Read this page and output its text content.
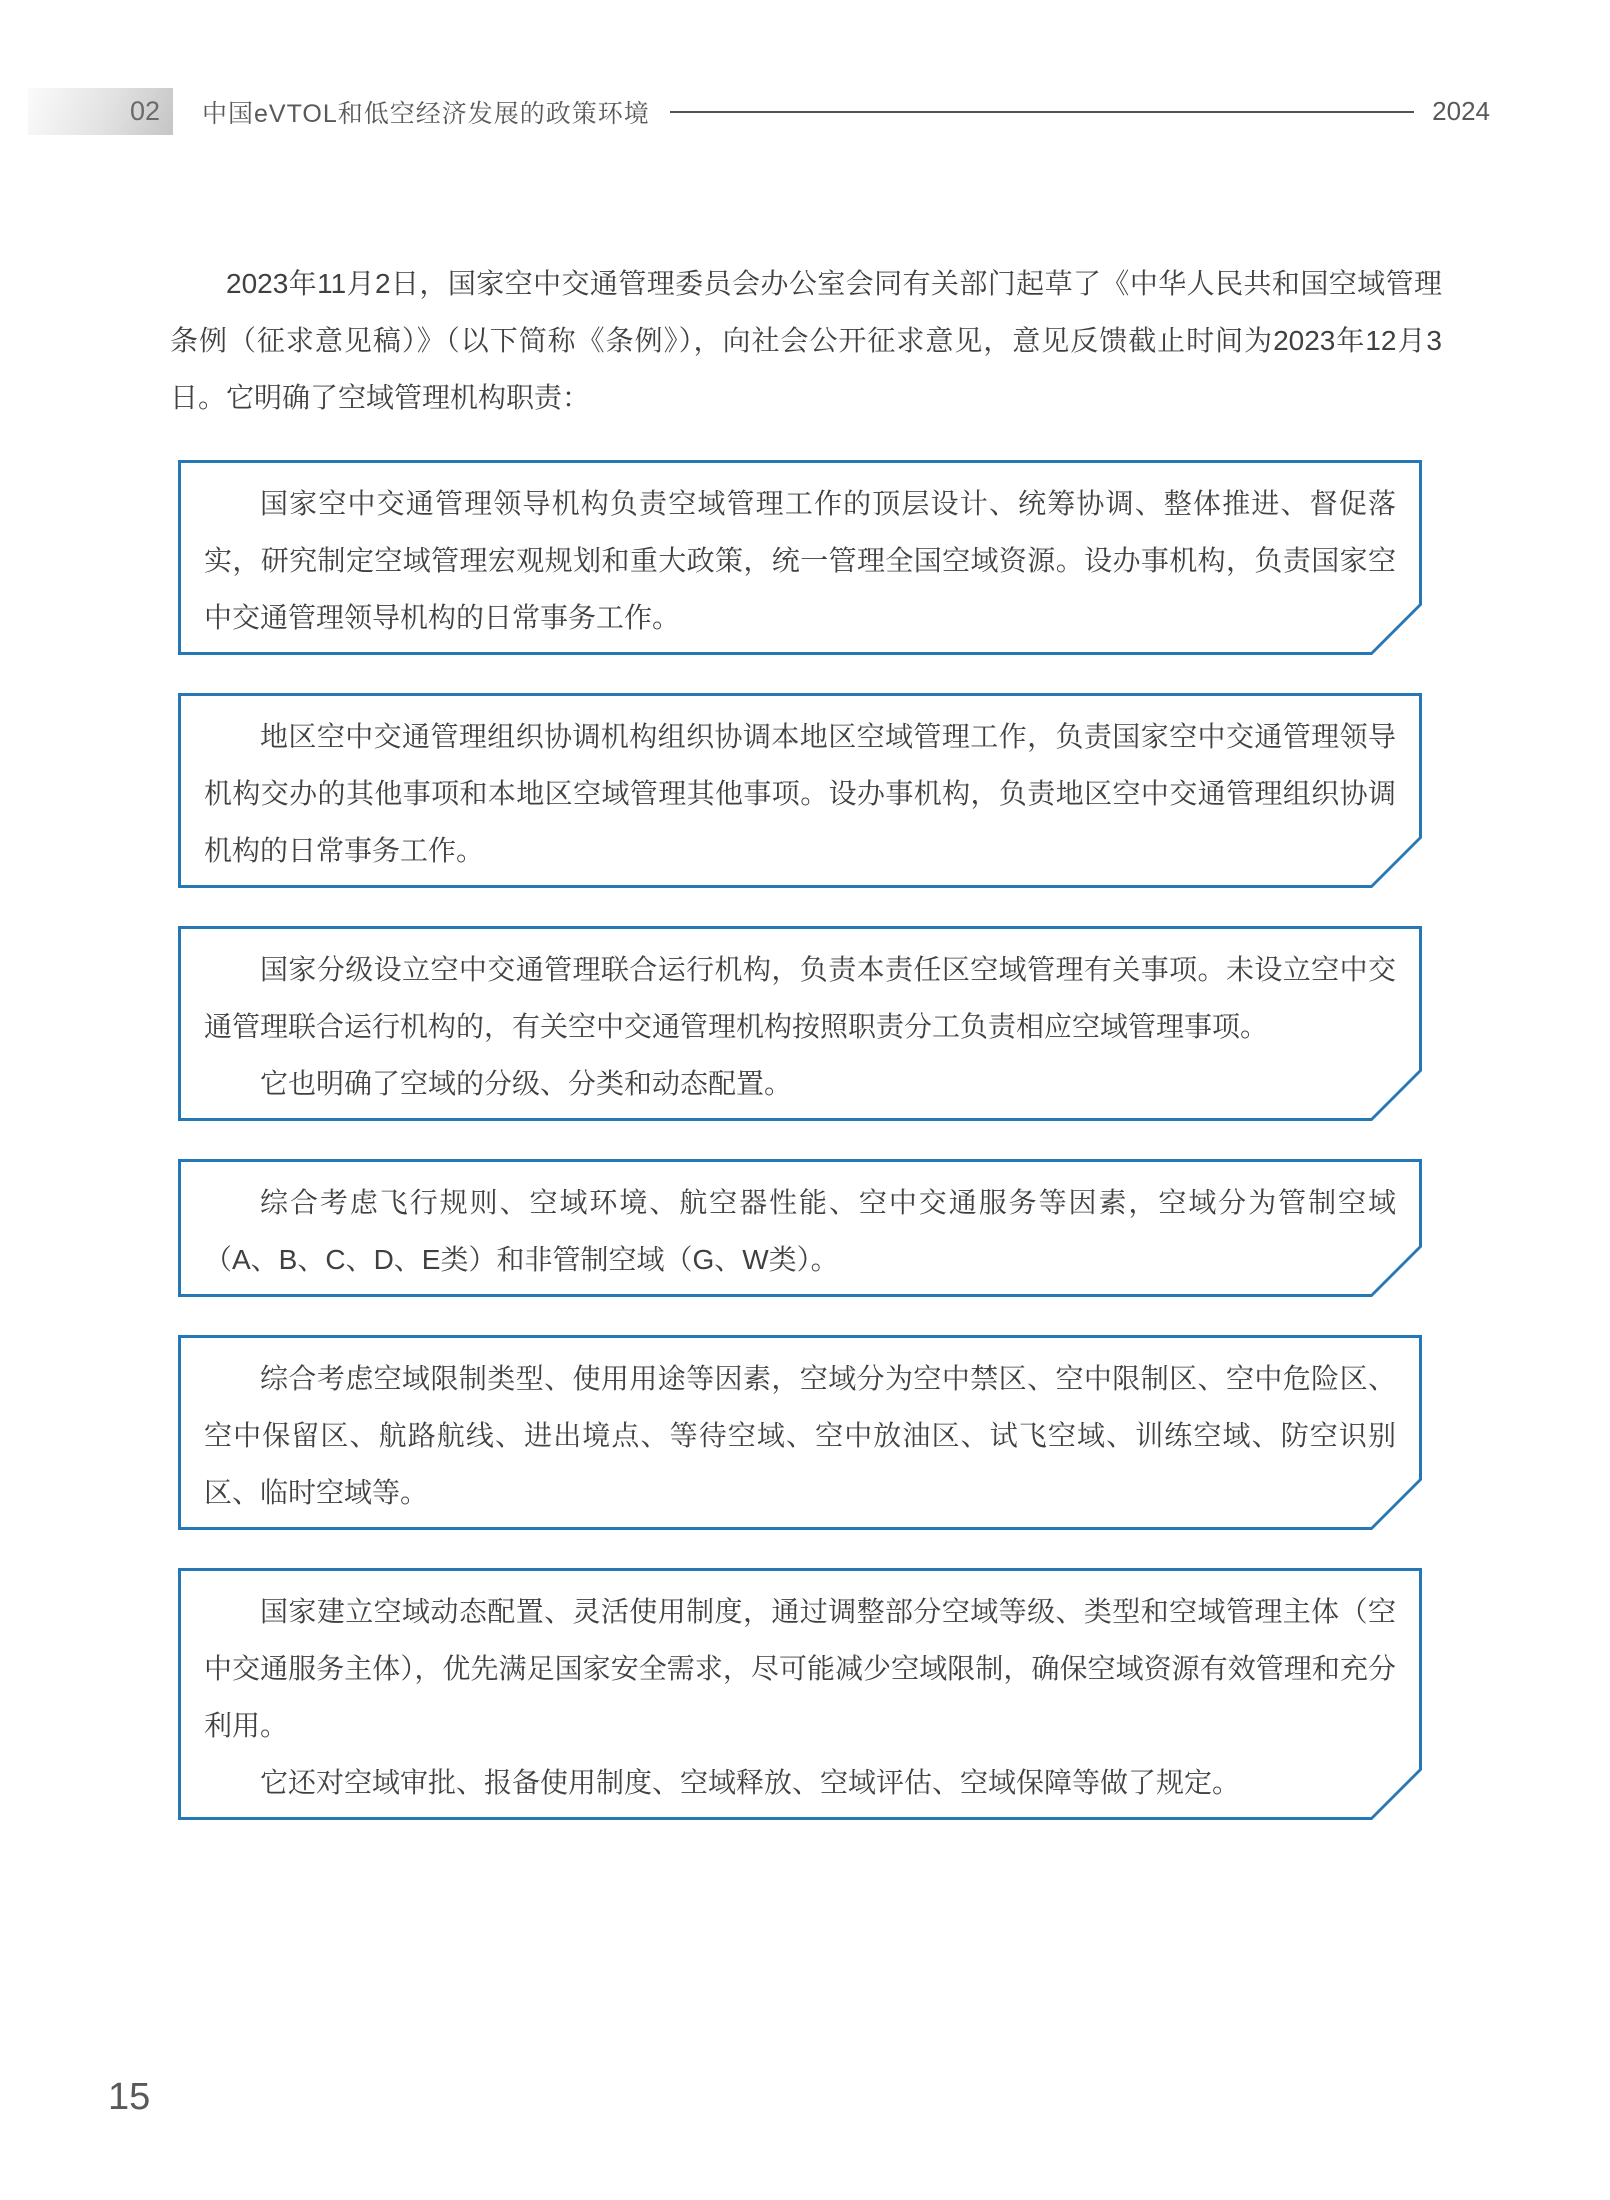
02 中国eVTOL和低空经济发展的政策环境	2024

2023年11月2日，国家空中交通管理委员会办公室会同有关部门起草了《中华人民共和国空域管理条例（征求意见稿）》（以下简称《条例》），向社会公开征求意见，意见反馈截止时间为2023年12月3日。它明确了空域管理机构职责：

国家空中交通管理领导机构负责空域管理工作的顶层设计、统筹协调、整体推进、督促落实，研究制定空域管理宏观规划和重大政策，统一管理全国空域资源。设办事机构，负责国家空中交通管理领导机构的日常事务工作。

地区空中交通管理组织协调机构组织协调本地区空域管理工作，负责国家空中交通管理领导机构交办的其他事项和本地区空域管理其他事项。设办事机构，负责地区空中交通管理组织协调机构的日常事务工作。

国家分级设立空中交通管理联合运行机构，负责本责任区空域管理有关事项。未设立空中交通管理联合运行机构的，有关空中交通管理机构按照职责分工负责相应空域管理事项。

它也明确了空域的分级、分类和动态配置。

综合考虑飞行规则、空域环境、航空器性能、空中交通服务等因素，空域分为管制空域（A、B、C、D、E类）和非管制空域（G、W类）。

综合考虑空域限制类型、使用用途等因素，空域分为空中禁区、空中限制区、空中危险区、空中保留区、航路航线、进出境点、等待空域、空中放油区、试飞空域、训练空域、防空识别区、临时空域等。

国家建立空域动态配置、灵活使用制度，通过调整部分空域等级、类型和空域管理主体（空中交通服务主体），优先满足国家安全需求，尽可能减少空域限制，确保空域资源有效管理和充分利用。

它还对空域审批、报备使用制度、空域释放、空域评估、空域保障等做了规定。

15
